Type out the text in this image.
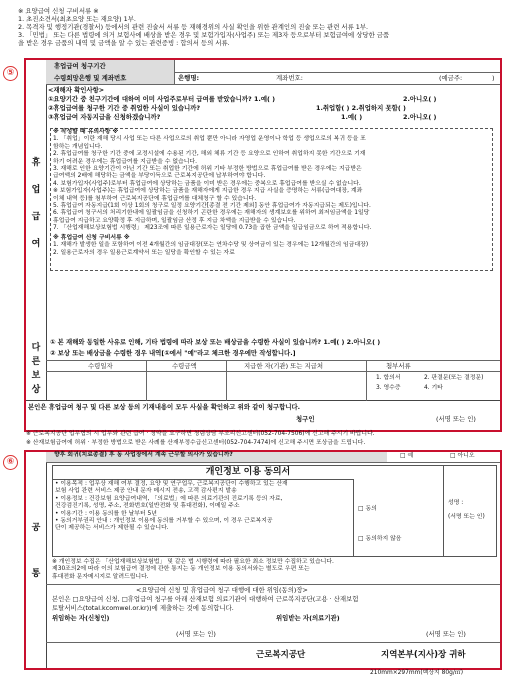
※ 요양급여 신청 구비서류 ※
1. 초진소견서(최초요양 또는 재요양) 1부.
2. 목격자 및 행정기관(경찰서) 등에서의 관련 진술서 서류 등 재해경위의 사실 확인을 위한 관계인의 진술 또는 관련 서류 1부.
3. 「민법」 또는 다른 법령에 의거 보험사에 배상을 받은 경우 및 보험가입자(사업주) 또는 제3자 등으로부터 보험급여에 상당한 금품
을 받은 경우 금품의 내역 및 금액을 알 수 있는 관련증빙 : 합의서 등의 서류.
⑤
휴
업
급
여
휴업급여 청구기간
수령희망은행 및 계좌번호	은행명:	계좌번호:	(예금주:	)
<재해자 확인사항>
①요양기간 중 친구기간에 대하여 이미 사업주로부터 급여를 받았습니까? 1.예( )	2.아니오( )
②휴업급여를 청구한 기간 중 취업한 사실이 있습니까?	1.취업함( ) 2.취업하지 못함( )
③휴업급여 자동지급을 신청하겠습니까?	1.예( )	2.아니오( )
※ 작성할 때 유의사항 ※
1. 「취업」이란 재해 당시 사업 또는 다른 사업으로의 취업 뿐만 아니라 자영업 운영이나 학업 등 생업으로의 복귀 등을 포
함하는 개념입니다.
2. 휴업급여를 청구한 기간 중에 교정시설에 수용된 기간, 해외 체류 기간 등 요양으로 인하여 취업하지 못한 기간으로 기재
하기 어려운 경우에는 휴업급여를 지급받을 수 없습니다.
3. 재해로 인한 요양기간이 아닌 기간 또는 취업한 기간에 허위 기타 부정한 방법으로 휴업급여를 받은 경우에는 지급받은
급여액의 2배에 해당하는 금액을 부당이득으로 근로복지공단에 납부하여야 합니다.
4. 보험가입자(사업주)로부터 휴업급여에 상당하는 금품을 이미 받은 경우에는 중복으로 휴업급여를 받으실 수 없습니다.
※ 보험가입자(사업주)는 휴업급여에 상당하는 금품을 재해자에게 지급한 경우 지급 사실을 증명하는 서류(급여대장, 계좌
이체 내역 등)를 첨부하여 근로복지공단에 휴업급여를 대체청구 할 수 있습니다.
5. 휴업급여 자동지급(1회 이상 1회의 청구로 일정 요양기간[종결 전 기간 제외] 동안 휴업급여가 자동지급되는 제도)입니다.
6. 휴업급여 청구서의 처리기한내에 일괄임금을 신청하기 곤란한 경우에는 재해자의 생계보호를 위하여 최저임금액을 1일당
휴업급여 지급하고 요양확정 후 지급하며, 일괄임금 산정 후 지급 차액을 지급받을 수 있습니다.
7. 「산업재해보상보험법 시행령」 제23조에 따른 일용근로자는 일당에 0.73을 곱한 금액을 일급임금으로 하여 적용합니다.
※ 휴업급여 신청 구비서류 ※
1. 재해가 발생한 일을 포함하여 이전 4개월간의 임금대장(또는 연차수당 및 상여금이 있는 경우에는 12개월간의 임금대장)
2. 일용근로자의 경우 일용근로계약서 또는 일당을 확인할 수 있는 자료
다
른
보
상
① 본 재해와 동일한 사유로 인해, 기타 법령에 따라 보상 또는 배상금을 수령한 사실이 있습니까? 1.예( ) 2.아니오( )
② 보상 또는 배상금을 수령한 경우 내역[①에서 "예"라고 체크한 경우에만 작성합니다.]
수령일자	수령금액	지급한 자(기관) 또는 지급처	첨부서류
1. 합의서	2. 판결문(또는 결정문)
3. 영수증	4. 기타
본인은 휴업급여 청구 및 다른 보상 등의 기재내용이 모두 사실을 확인하고 위와 같이 청구합니다.
청구인	(서명 또는 인)
※ 근로복지공단 업무협의 시 업무와 관련 급여 · 청약을 요구하면 청렴상담 부조리신고센터(052-704-7506)에 신고해 주시기 바랍니다.
※ 산재보험급여에 허위 · 부정한 방법으로 받은 사례를 산재부정수급신고센터(052-704-7474)에 신고해 주시면 포상금을 드립니다.
⑥
공
통
향후 회귀(치료종결) 후 동 사업장에서 계속 근무할 의사가 있습니까?	□ 예	□ 아니오
개인정보 이용 동의서
• 이용목적 : 업무상 재해 여부 결정, 요양 및 연구업무, 근로복지공단이 수행하고 있는 산재
보험 사업 관련 서비스 제공 안내 문자 메시지 전송, 고객 감사편지 발송
• 이용정보 : 건강보험 요양급여내역, 「의료법」에 따른 의료기관의 진료기록 등의 자료,
건강검진기록, 성명, 주소, 전화번호(일반전화 및 휴대전화), 이메일 주소
• 이용기간 : 이용 동의를 한 날부터 5년
• 동의거부권리 안내 : 개인정보 이용에 동의를 거부할 수 있으며, 이 경우 근로복지공
단이 제공하는 서비스가 제한될 수 있습니다.
□ 동의
□ 동의하지 않음
성명 :
(서명 또는 인)
※ 개인정보 수집은 「산업재해보상보험법」 및 같은 법 시행령에 따라 필요한 최소 정보만 수집하고 있습니다.
제30조의2에 따라 이의 보험급여 결정에 관한 통지는 동 개인정보 이용 동의서와는 별도로 우편 또는
휴대전화 문자메시지로 알려드립니다.
<요양급여 신청 및 휴업급여 청구 대행에 대한 위임(동의)장>
본인은 □요양급여 신청, □휴업급여 청구를 아래 산재보험 의료기관이 대행하여 근로복지공단(고용 · 산재보험
토탈서비스(total.kcomwel.or.kr))에 제출하는 것에 동의합니다.
위임하는 자(신청인)	위임받는 자(의료기관)
(서명 또는 인)	(서명 또는 인)
근로복지공단	지역본부(지사)장 귀하
210mm×297mm(백상지 80g/㎡)
